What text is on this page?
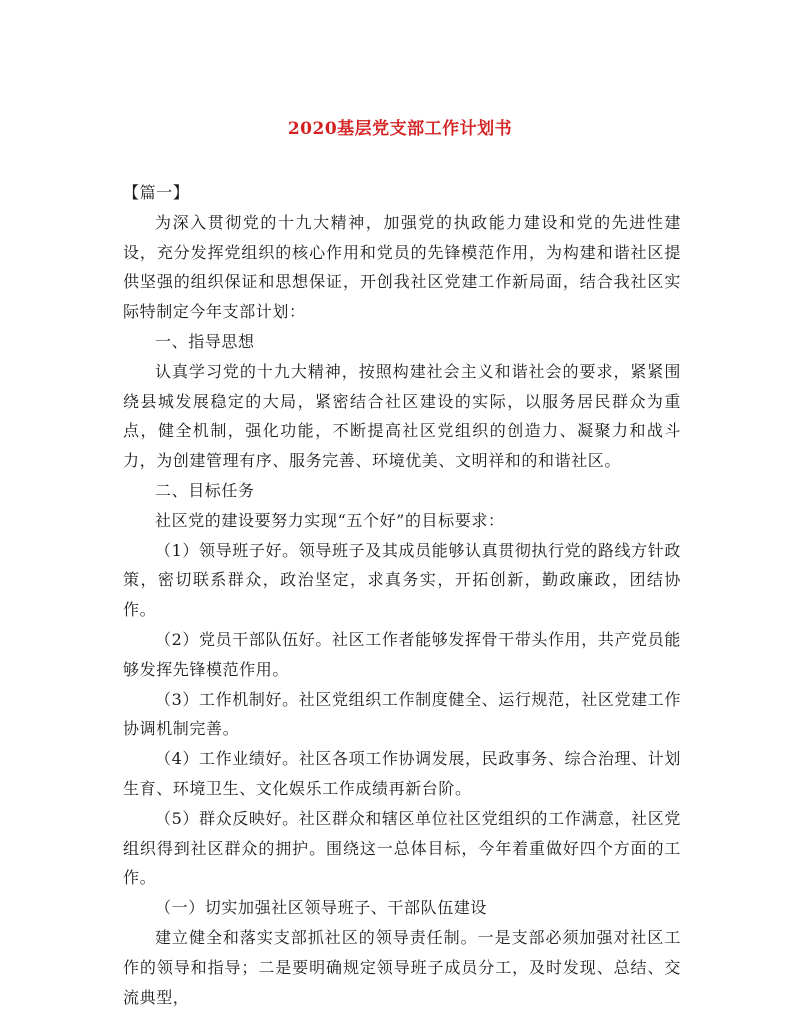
2020基层党支部工作计划书

【篇一】

为深入贯彻党的十九大精神，加强党的执政能力建设和党的先进性建设，充分发挥党组织的核心作用和党员的先锋模范作用，为构建和谐社区提供坚强的组织保证和思想保证，开创我社区党建工作新局面，结合我社区实际特制定今年支部计划：

一、指导思想

认真学习党的十九大精神，按照构建社会主义和谐社会的要求，紧紧围绕县城发展稳定的大局，紧密结合社区建设的实际，以服务居民群众为重点，健全机制，强化功能，不断提高社区党组织的创造力、凝聚力和战斗力，为创建管理有序、服务完善、环境优美、文明祥和的和谐社区。

二、目标任务

社区党的建设要努力实现“五个好”的目标要求：

（1）领导班子好。领导班子及其成员能够认真贯彻执行党的路线方针政策，密切联系群众，政治坚定，求真务实，开拓创新，勤政廉政，团结协作。

（2）党员干部队伍好。社区工作者能够发挥骨干带头作用，共产党员能够发挥先锋模范作用。

（3）工作机制好。社区党组织工作制度健全、运行规范，社区党建工作协调机制完善。

（4）工作业绩好。社区各项工作协调发展，民政事务、综合治理、计划生育、环境卫生、文化娱乐工作成绩再新台阶。

（5）群众反映好。社区群众和辖区单位社区党组织的工作满意，社区党组织得到社区群众的拥护。围绕这一总体目标，今年着重做好四个方面的工作。

（一）切实加强社区领导班子、干部队伍建设

建立健全和落实支部抓社区的领导责任制。一是支部必须加强对社区工作的领导和指导；二是要明确规定领导班子成员分工，及时发现、总结、交流典型，
